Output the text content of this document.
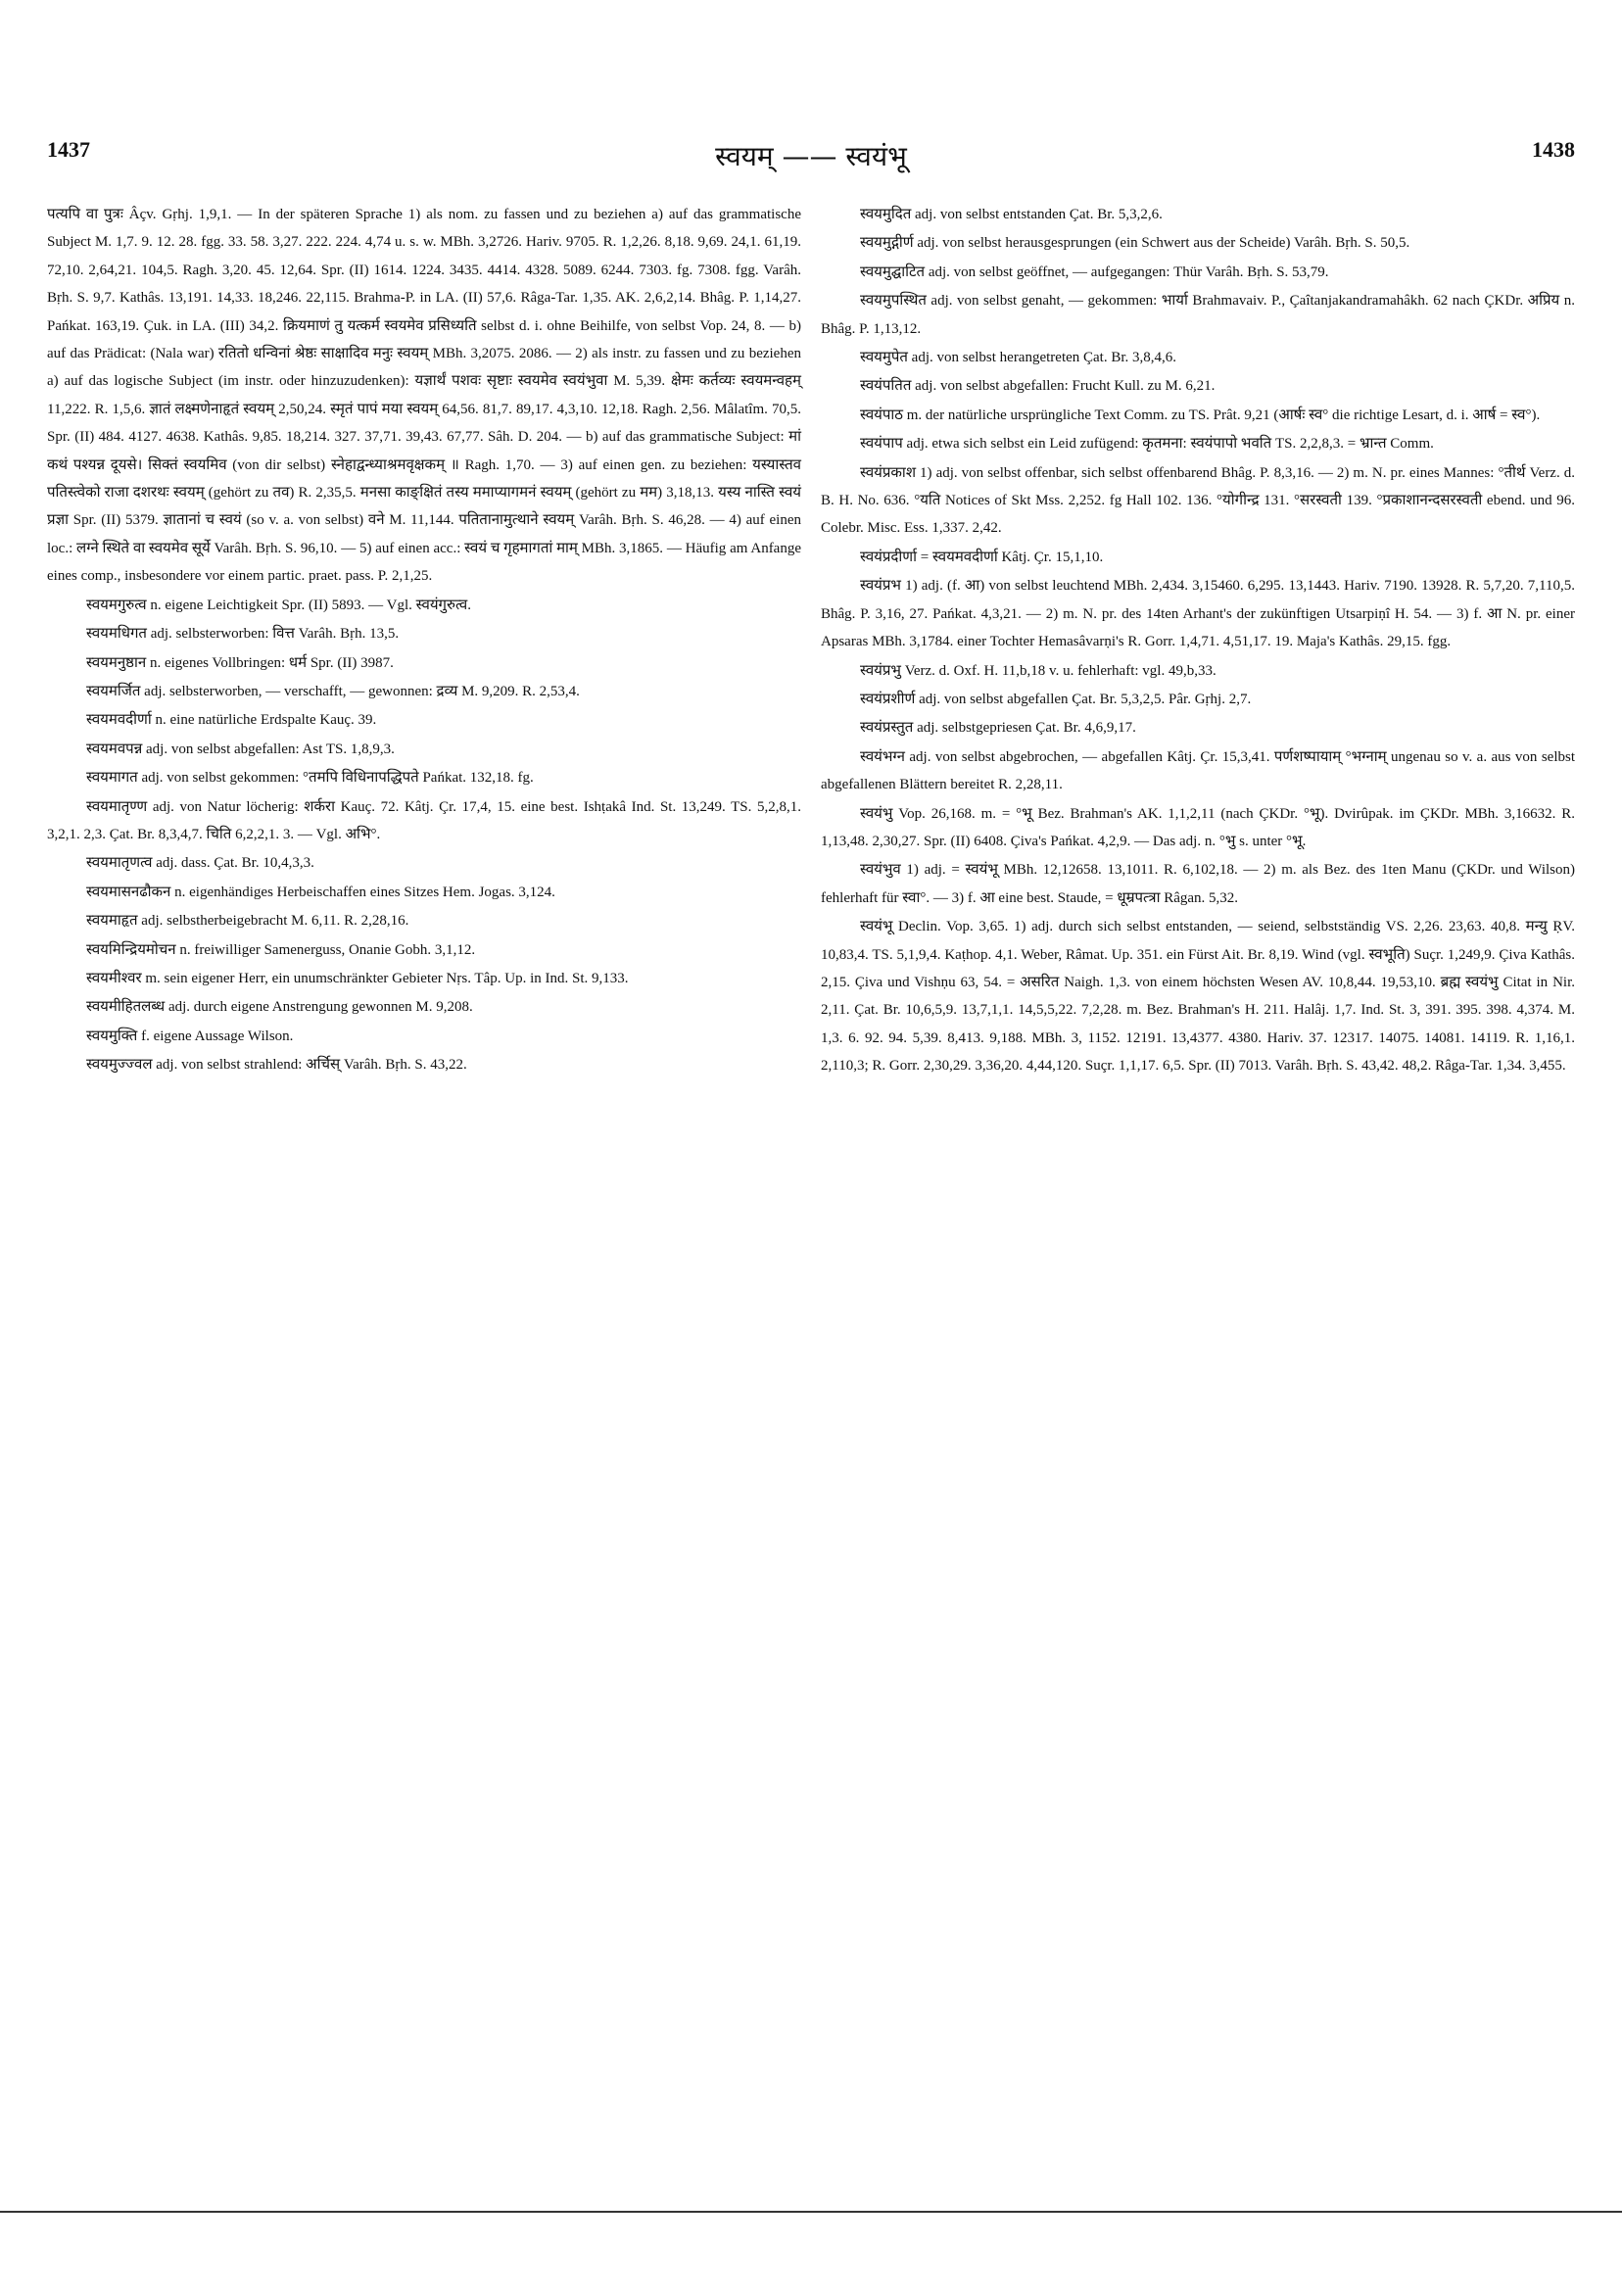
1437	स्वयम् —— स्वयंभू	1438

पत्यपि वा पुत्रः Âçv. Gṛhj. 1,9,1. — In der späteren Sprache 1) als nom. zu fassen und zu beziehen a) auf das grammatische Subject M. 1,7. 9. 12. 28. fgg. 33. 58. 3,27. 222. 224. 4,74 u. s. w. MBh. 3,2726. Hariv. 9705. R. 1,2,26. 8,18. 9,69. 24,1. 61,19. 72,10. 2,64,21. 104,5. Ragh. 3,20. 45. 12,64. Spr. (II) 1614. 1224. 3435. 4414. 4328. 5089. 6244. 7303. fg. 7308. fgg. Varâh. Bṛh. S. 9,7. Kathâs. 13,191. 14,33. 18,246. 22,115. Brahma-P. in LA. (II) 57,6. Râga-Tar. 1,35. AK. 2,6,2,14. Bhâg. P. 1,14,27. Pańkat. 163,19. Çuk. in LA. (III) 34,2. क्रियमाणं तु यत्कर्म स्वयमेव प्रसिध्यति selbst d. i. ohne Beihilfe, von selbst Vop. 24, 8. — b) auf das Prädicat: (Nala war) रतितो धन्विनां श्रेष्ठः साक्षादिव मनुः स्वयम् MBh. 3,2075. 2086. — 2) als instr. zu fassen und zu beziehen a) auf das logische Subject (im instr. oder hinzuzudenken): यज्ञार्थं पशवः सृष्टाः स्वयमेव स्वयंभुवा M. 5,39. क्षेमः कर्तव्यः स्वयमन्वहम् 11,222. R. 1,5,6. ज्ञातं लक्ष्मणेनाहृतं स्वयम् 2,50,24. स्मृतं पापं मया स्वयम् 64,56. 81,7. 89,17. 4,3,10. 12,18. Ragh. 2,56. Mâlatîm. 70,5. Spr. (II) 484. 4127. 4638. Kathâs. 9,85. 18,214. 327. 37,71. 39,43. 67,77. Sâh. D. 204. — b) auf das grammatische Subject: मां कथं पश्यन्न दूयसे। सिक्तं स्वयमिव (von dir selbst) स्नेहाद्वन्ध्याश्रमवृक्षकम् ॥ Ragh. 1,70. — 3) auf einen gen. zu beziehen: यस्यास्तव पतिस्त्वेको राजा दशरथः स्वयम् (gehört zu तव) R. 2,35,5. मनसा काङ्क्षितं तस्य ममाप्यागमनं स्वयम् (gehört zu मम) 3,18,13. यस्य नास्ति स्वयं प्रज्ञा Spr. (II) 5379. ज्ञातानां च स्वयं (so v. a. von selbst) वने M. 11,144. पतितानामुत्थाने स्वयम् Varâh. Bṛh. S. 46,28. — 4) auf einen loc.: लग्ने स्थिते वा स्वयमेव सूर्ये Varâh. Bṛh. S. 96,10. — 5) auf einen acc.: स्वयं च गृहमागतां माम् MBh. 3,1865. — Häufig am Anfange eines comp., insbesondere vor einem partic. praet. pass. P. 2,1,25.

स्वयमगुरुत्व n. eigene Leichtigkeit Spr. (II) 5893. — Vgl. स्वयंगुरुत्व.

स्वयमधिगत adj. selbsterworben: वित्त Varâh. Bṛh. 13,5.

स्वयमनुष्ठान n. eigenes Vollbringen: धर्म Spr. (II) 3987.

स्वयमर्जित adj. selbsterworben, — verschafft, — gewonnen: द्रव्य M. 9,209. R. 2,53,4.

स्वयमवदीर्णा n. eine natürliche Erdspalte Kauç. 39.

स्वयमवपन्न adj. von selbst abgefallen: Ast TS. 1,8,9,3.

स्वयमागत adj. von selbst gekommen: °तमपि विधिनापद्धिपते Pańkat. 132,18. fg.

स्वयमातृण्ण adj. von Natur löcherig: शर्करा Kauç. 72. Kâtj. Çr. 17,4, 15. eine best. Ishṭakâ Ind. St. 13,249. TS. 5,2,8,1. 3,2,1. 2,3. Çat. Br. 8,3,4,7. चिति 6,2,2,1. 3. — Vgl. अभि°.

स्वयमातृणत्व adj. dass. Çat. Br. 10,4,3,3.

स्वयमासनढौकन n. eigenhändiges Herbeischaffen eines Sitzes Hem. Jogas. 3,124.

स्वयमाहृत adj. selbstherbeigebracht M. 6,11. R. 2,28,16.

स्वयमिन्द्रियमोचन n. freiwilliger Samenerguss, Onanie Gobh. 3,1,12.

स्वयमीश्वर m. sein eigener Herr, ein unumschränkter Gebieter Nṛs. Tâp. Up. in Ind. St. 9,133.

स्वयमीहितलब्ध adj. durch eigene Anstrengung gewonnen M. 9,208.

स्वयमुक्ति f. eigene Aussage Wilson.

स्वयमुज्ज्वल adj. von selbst strahlend: अर्चिस् Varâh. Bṛh. S. 43,22.

स्वयमुदित adj. von selbst entstanden Çat. Br. 5,3,2,6.

स्वयमुद्गीर्ण adj. von selbst herausgesprungen (ein Schwert aus der Scheide) Varâh. Bṛh. S. 50,5.

स्वयमुद्घाटित adj. von selbst geöffnet, — aufgegangen: Thür Varâh. Bṛh. S. 53,79.

स्वयमुपस्थित adj. von selbst genaht, — gekommen: भार्या Brahmavaiv. P., Çaîtanjakandramahâkh. 62 nach ÇKDr. अप्रिय n. Bhâg. P. 1,13,12.

स्वयमुपेत adj. von selbst herangetreten Çat. Br. 3,8,4,6.

स्वयंपतित adj. von selbst abgefallen: Frucht Kull. zu M. 6,21.

स्वयंपाठ m. der natürliche ursprüngliche Text Comm. zu TS. Prât. 9,21 (आर्षः स्व° die richtige Lesart, d. i. आर्ष = स्व°).

स्वयंपाप adj. etwa sich selbst ein Leid zufügend: कृतमना: स्वयंपापो भवति TS. 2,2,8,3. = भ्रान्त Comm.

स्वयंप्रकाश 1) adj. von selbst offenbar, sich selbst offenbarend Bhâg. P. 8,3,16. — 2) m. N. pr. eines Mannes: °तीर्थ Verz. d. B. H. No. 636. °यति Notices of Skt Mss. 2,252. fg Hall 102. 136. °योगीन्द्र 131. °सरस्वती 139. °प्रकाशानन्दसरस्वती ebend. und 96. Colebr. Misc. Ess. 1,337. 2,42.

स्वयंप्रदीर्णा = स्वयमवदीर्णा Kâtj. Çr. 15,1,10.

स्वयंप्रभ 1) adj. (f. आ) von selbst leuchtend MBh. 2,434. 3,15460. 6,295. 13,1443. Hariv. 7190. 13928. R. 5,7,20. 7,110,5. Bhâg. P. 3,16, 27. Pańkat. 4,3,21. — 2) m. N. pr. des 14ten Arhant's der zukünftigen Utsarpiṇî H. 54. — 3) f. आ N. pr. einer Apsaras MBh. 3,1784. einer Tochter Hemasâvarṇi's R. Gorr. 1,4,71. 4,51,17. 19. Maja's Kathâs. 29,15. fgg.

स्वयंप्रभु Verz. d. Oxf. H. 11,b,18 v. u. fehlerhaft: vgl. 49,b,33.

स्वयंप्रशीर्ण adj. von selbst abgefallen Çat. Br. 5,3,2,5. Pâr. Gṛhj. 2,7.

स्वयंप्रस्तुत adj. selbstgepriesen Çat. Br. 4,6,9,17.

स्वयंभग्न adj. von selbst abgebrochen, — abgefallen Kâtj. Çr. 15,3,41. पर्णशष्पायाम् °भग्नाम् ungenau so v. a. aus von selbst abgefallenen Blättern bereitet R. 2,28,11.

स्वयंभु Vop. 26,168. m. = °भू Bez. Brahman's AK. 1,1,2,11 (nach ÇKDr. °भू). Dvirûpak. im ÇKDr. MBh. 3,16632. R. 1,13,48. 2,30,27. Spr. (II) 6408. Çiva's Pańkat. 4,2,9. — Das adj. n. °भु s. unter °भू.

स्वयंभुव 1) adj. = स्वयंभू MBh. 12,12658. 13,1011. R. 6,102,18. — 2) m. als Bez. des 1ten Manu (ÇKDr. und Wilson) fehlerhaft für स्वा°. — 3) f. आ eine best. Staude, = धूम्रपत्त्रा Râgan. 5,32.

स्वयंभू Declin. Vop. 3,65. 1) adj. durch sich selbst entstanden, — seiend, selbstständig VS. 2,26. 23,63. 40,8. मन्यु ṚV. 10,83,4. TS. 5,1,9,4. Kaṭhop. 4,1. Weber, Râmat. Up. 351. ein Fürst Ait. Br. 8,19. Wind (vgl. स्वभूति) Suçr. 1,249,9. Çiva Kathâs. 2,15. Çiva und Vishṇu 63, 54. = असरित Naigh. 1,3. von einem höchsten Wesen AV. 10,8,44. 19,53,10. ब्रह्म स्वयंभु Citat in Nir. 2,11. Çat. Br. 10,6,5,9. 13,7,1,1. 14,5,5,22. 7,2,28. m. Bez. Brahman's H. 211. Halâj. 1,7. Ind. St. 3, 391. 395. 398. 4,374. M. 1,3. 6. 92. 94. 5,39. 8,413. 9,188. MBh. 3, 1152. 12191. 13,4377. 4380. Hariv. 37. 12317. 14075. 14081. 14119. R. 1,16,1. 2,110,3; R. Gorr. 2,30,29. 3,36,20. 4,44,120. Suçr. 1,1,17. 6,5. Spr. (II) 7013. Varâh. Bṛh. S. 43,42. 48,2. Râga-Tar. 1,34. 3,455.
